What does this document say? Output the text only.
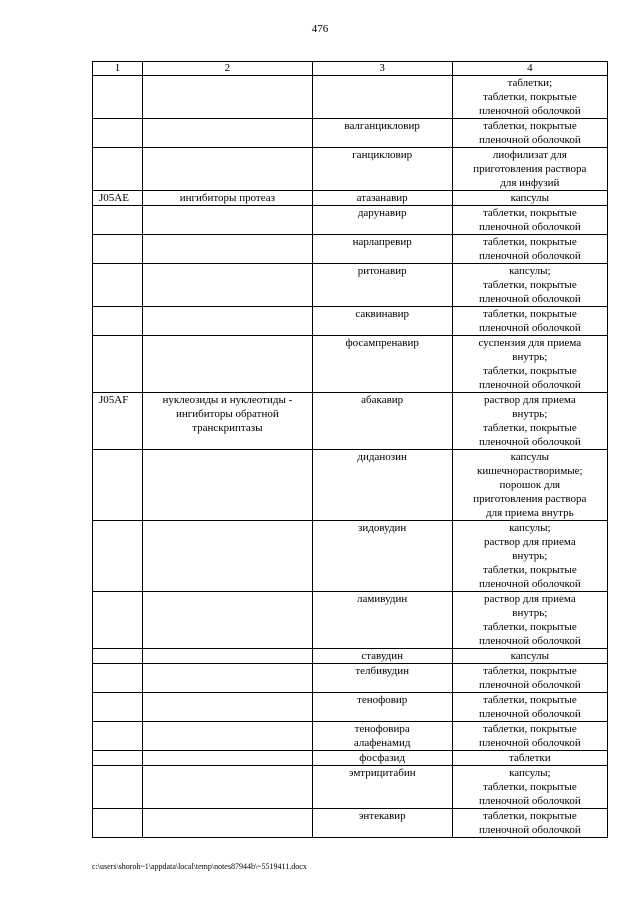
476
1	2	3	4

			таблетки;
таблетки, покрытые
пленочной оболочкой

		валганцикловир	таблетки, покрытые
пленочной оболочкой

		ганцикловир	лиофилизат для
приготовления раствора
для инфузий

J05AE	ингибиторы протеаз	атазанавир	капсулы
		дарунавир	таблетки, покрытые
пленочной оболочкой

		нарлапревир	таблетки, покрытые
пленочной оболочкой

		ритонавир	капсулы;
таблетки, покрытые
пленочной оболочкой

		саквинавир	таблетки, покрытые
пленочной оболочкой

		фосампренавир	суспензия для приема
внутрь;
таблетки, покрытые
пленочной оболочкой

J05AF	нуклеозиды и нуклеотиды -
ингибиторы обратной
транскриптазы	абакавир	раствор для приема
внутрь;
таблетки, покрытые
пленочной оболочкой

		диданозин	капсулы
кишечнорастворимые;
порошок для
приготовления раствора
для приема внутрь

		зидовудин	капсулы;
раствор для приема
внутрь;
таблетки, покрытые
пленочной оболочкой

		ламивудин	раствор для приема
внутрь;
таблетки, покрытые
пленочной оболочкой

		ставудин	капсулы
		телбивудин	таблетки, покрытые
пленочной оболочкой

		тенофовир	таблетки, покрытые
пленочной оболочкой

		тенофовира
алафенамид	таблетки, покрытые
пленочной оболочкой

		фосфазид	таблетки
		эмтрицитабин	капсулы;
таблетки, покрытые
пленочной оболочкой

		энтекавир	таблетки, покрытые
пленочной оболочкой
c:\users\shoroh~1\appdata\local\temp\notes87944b\~5519411.docx
